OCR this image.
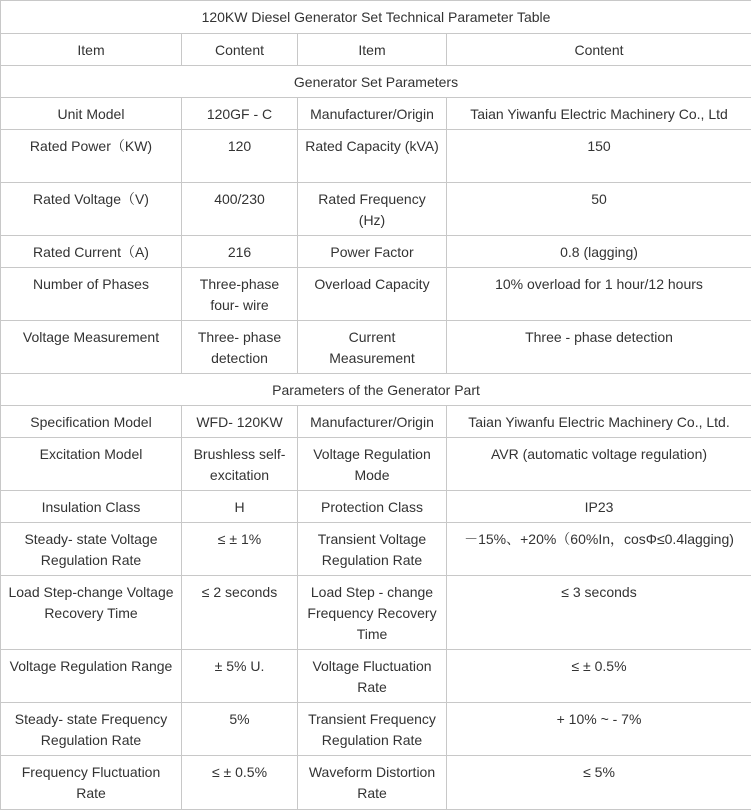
120KW Diesel Generator Set Technical Parameter Table			
Item	Content	Item	Content
Generator Set Parameters			
Unit Model	120GF - C	Manufacturer/Origin	Taian Yiwanfu Electric Machinery Co., Ltd
Rated Power（KW)	120	Rated Capacity (kVA)	150
Rated Voltage（V)	400/230	Rated Frequency (Hz)	50
Rated Current（A)	216	Power Factor	0.8 (lagging)
Number of Phases	Three-phase four- wire	Overload Capacity	10% overload for 1 hour/12 hours
Voltage Measurement	Three- phase detection	Current Measurement	Three - phase detection
Parameters of the Generator Part			
Specification Model	WFD- 120KW	Manufacturer/Origin	Taian Yiwanfu Electric Machinery Co., Ltd.
Excitation Model	Brushless self-excitation	Voltage Regulation Mode	AVR (automatic voltage regulation)
Insulation Class	H	Protection Class	IP23
Steady- state Voltage Regulation Rate	≤ ± 1%	Transient Voltage Regulation Rate	－15%、+20%（60%In，cosΦ≤0.4lagging)
Load Step-change Voltage Recovery Time	≤ 2 seconds	Load Step - change Frequency Recovery Time	≤ 3 seconds
Voltage Regulation Range	± 5% U.	Voltage Fluctuation Rate	≤ ± 0.5%
Steady- state Frequency Regulation Rate	5%	Transient Frequency Regulation Rate	+ 10% ~ - 7%
Frequency Fluctuation Rate	≤ ± 0.5%	Waveform Distortion Rate	≤ 5%
